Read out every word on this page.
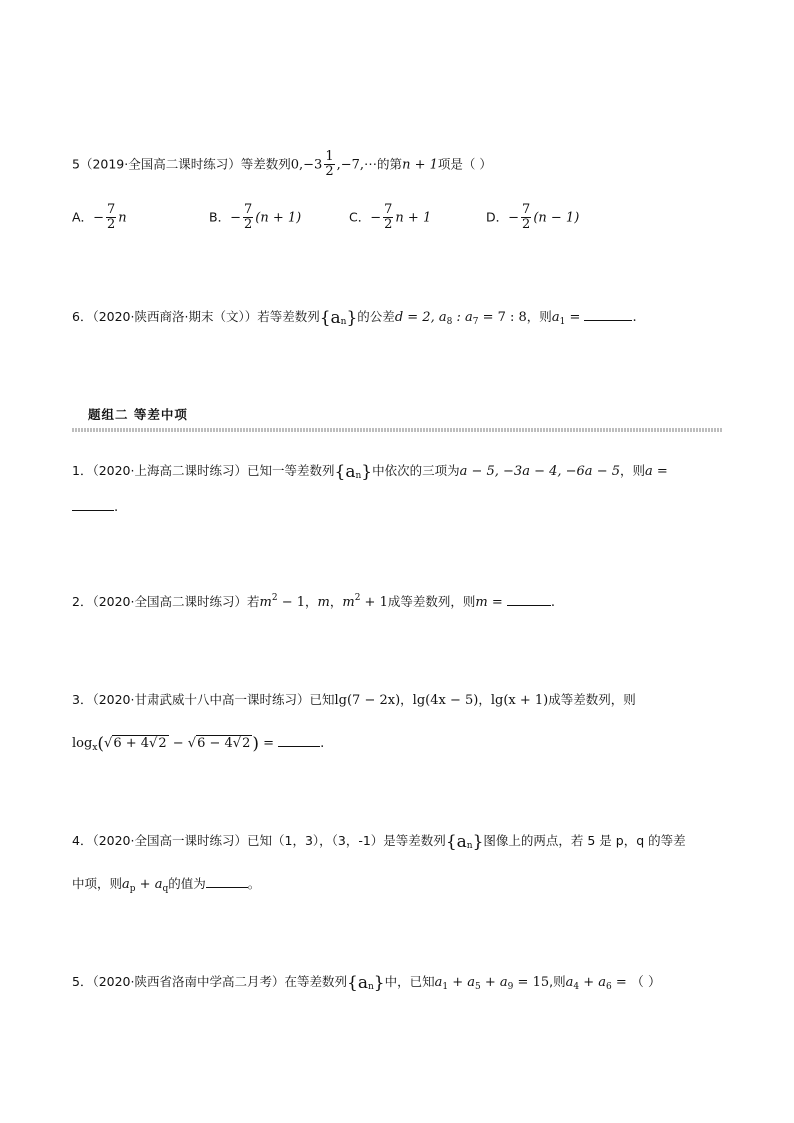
5（2019·全国高二课时练习）等差数列$0,-3 \frac{1}{2}$ ,−7,⋯的第n + 1项是（ ）
A．− $\frac{7}{2}$ n	B．− $\frac{7}{2} (n + 1)$	C．− $\frac{7}{2}$ n + 1	D．− $\frac{7}{2} (n - 1)$
6．（2020·陕西商洛·期末（文））若等差数列$\{a_n\}$的公差d = 2, $a_8$ : $a_7 = 7$ : 8，则$a_1$ =	.
题组二 等差中项
1．（2020·上海高二课时练习）已知一等差数列$\{a_n\}$中依次的三项为a − 5, −3a − 4, −6a − 5，则a =
.
2．（2020·全国高二课时练习）若$m^2 - 1$，m，$m^2 + 1$成等差数列，则m =	.
3．（2020·甘肃武威十八中高一课时练习）已知lg(7 − 2x)，lg(4x − 5)，lg(x + 1)成等差数列，则
$\log_x(√6 + 4√2 - √6 - 4√2$ ) =	.
4．（2020·全国高一课时练习）已知（1，3），（3，-1）是等差数列$\{a_n\}$图像上的两点，若 5 是 p，q 的等差
中项，则$a_p + a_q$的值为	。
5．（2020·陕西省洛南中学高二月考）在等差数列$\{a_n\}$中，已知$a_1 + a_5 + a_9 = 15$,则$a_4 + a_6$ = （ ）
